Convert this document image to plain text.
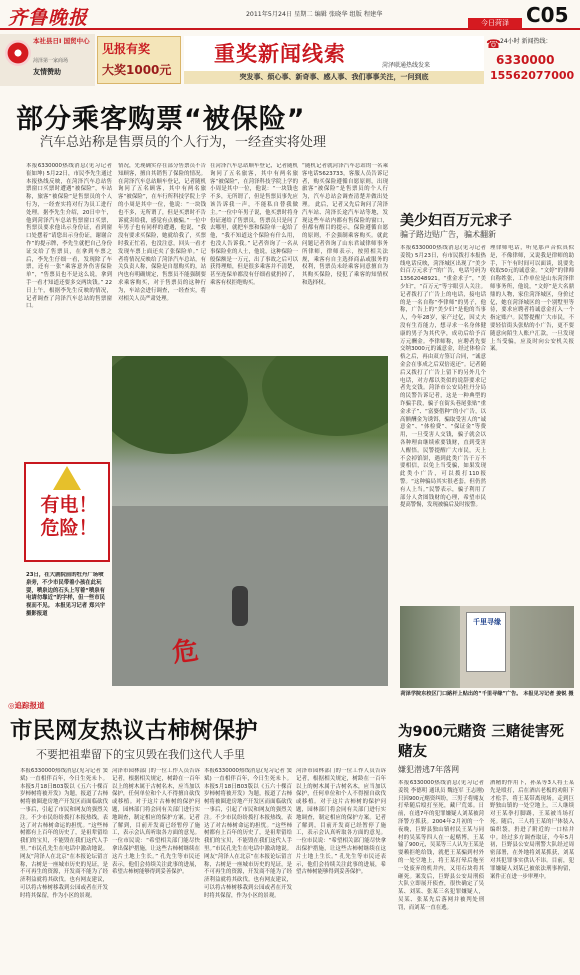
齐鲁晚报	2011年5月24日 星期二 编辑 张晓华 组版 程建华
今日菏泽 C05
本社县日Ⅰ 国贸中心
菏泽第一家商场
友情赞助
见报有奖
大奖1000元
重奖新闻线索	菏泽联通热线发来
突发事、烦心事、新奇事、感人事、我们事事关注，一问到底
☎ 24小时 新闻热线：
6330000
15562077000
部分乘客购票“被保险”
汽车总站称是售票员的个人行为，一经查实将处理
本报6330000热线消息(见习记者 崔如坤) 5月22日，市民李先生通过本报热线反映，在菏泽汽车总站售票窗口买票时遭遇“被保险”，车站称，旅客“被保险”是售票员的个人行为，一经查实将对行为员工进行处理。据李先生介绍，20日中午，他到菏泽汽车总站售票窗口买票，售票员要求他出示身份证，看到窗口处摆着“请您出示身份证，谢谢合作”的提示牌，李先生就把自己身份证交给了售票员，在拿到车票之后，李先生仔细一看，发现除了车票，还有一张“乘客意外伤害保险单”，“售票员也不是这么说，拿到手一看才知道还要多交两块钱。” 22日上午，根据李先生反映的情况，记者调查了菏泽汽车总站的售票窗口。
情况，先现确实存在部分售票员不告知顾客，擅自其销售了保险的情况。在菏泽汽车总站顺车登记，记者随机询问了五名顾客，其中有两名旅客“被保险”，在车行所科技学院上学的小周是其中一位，他说：“一块钱也不多，无所谓了，但是买票时不告诉就卖给我，感觉有点被骗。”一位中年男子也有同样的遭遇，他说，“我没有要求买保险，她就给我了，买票时我正忙着，也没注意，回头一看才发现车票上面还夹了张保险单。” 记者将情况反映给了菏泽汽车总站，有关负责人称，保险是自愿购买的，站内也有明确规定，售票员不能强制要求乘客购买，对于售票员的这种行为，车站会进行调查，一经查实，将对相关人员严肃处理。
在菏泽汽车总站顺车登记，记者随机询问了五名旅客，其中有两名旅客“被保险”，在菏泽科技学院上学的小周是其中一位，他说：“一块钱也不多，无所谓了，但是售票员事先应该告诉我一声，不能私自替我做主。”一位中年男子说，他买票时将身份证递给了售票员，售票员只是问了去哪里，就把车票和保险单一起给了他，“我不知道这个保险有什么用，也没人告诉我。” 记者咨询了一名从事保险业的人士，他说，这种保险一般保额是一万元，出了事故之后可以获得理赔，但是很多乘客并不清楚，甚至连保单都没有仔细看就扔掉了，乘客有权拒绝购买。
“随机记者就菏泽汽车总站的一名乘客电话5623733，客服人员告诉记者，购买保险遵循自愿原则，出现旅客“被保险”是售票员的个人行为，汽车总站会调查清楚并做出处理。 此后，记者又先后询问了菏泽汽车站、菏泽长途汽车站等地，发现这些车站内都有售保险的窗口，但都有醒目的提示，保险遵循自愿的原则，不会强制乘客购买。就此问题记者咨询了山东君诚律师事务所律师，律师表示，按照相关法规，乘客有自主选择商品或服务的权利，售票员未经乘客同意擅自为其购买保险，侵犯了乘客的知情权和选择权。
危
有电！危险！
23日，在大剧院前的牡丹广场喷泉旁，不少市民带着小孩在此玩耍，喷泉边的石头上写着“喷泉有电请勿靠近”的字样，但一些市民视而不见。 本报见习记者 郑兴宇 摄影报道
美少妇百万元求子
骗子路边贴广告，骗术翻新
本报6330000热线消息(见习记者 姜锐) 5月23日，有市民拨打本报热线电话反映，菏泽城区出现了“美少妇百万元求子”的广告，电话号码为13562048921。“重金求子”，“美少妇”，“百万元”等字眼引人关注。记者拨打了广告上的电话，接电话的是一名自称“李律师”的男子，他称，广告上的“美少妇”是他的当事人，今年28岁，家产过亿，因丈夫没有生育能力，想寻求一名身体健康的男子为其代孕，成功后给予百万元酬金。李律师称，应聘者先要交纳3000元的诚意金，经过体检合格之后，再由双方签订合同，“诚意金会在事成之后双倍返还”。记者随后又拨打了广告上留下的另外几个电话，对方都以类似的说辞要求记者先交钱。菏泽市公安局牡丹分局的民警告诉记者，这是一种典型的诈骗手段，骗子在街头巷尾张贴“重金求子”、“富婆借种”的小广告，以高额酬金为诱饵，骗取受害人的“诚意金”、“体检费”、“保证金”等费用，一旦受害人交钱，骗子就会以各种理由继续索要钱财，直到受害人醒悟。民警提醒广大市民，天上不会掉馅饼，遇到此类广告千万不要相信，以免上当受骗，如果发现此类小广告，可以拨打110报警。“这种骗局其实很老套，但仍然有人上当。”民警表示，骗子利用了部分人贪图钱财的心理，希望市民提高警惕，发现被骗后及时报警。
理律师电话，听见那声音似真似是，不像律师，又说我是律师的助手，下午有时间可以面谈，说要先收取50元的诚意金。“文婷”的律师自称姓张，工作单位是山东菏泽律师事务所，他说，“文婷”是大名鼎鼎的人物，家住菏泽城区，身价过亿，她在菏泽城区的一个别墅里等待，要求应聘者将诚意金打入一个指定账户。民警提醒广大市民，不要轻信街头张贴的小广告，更不要随意向陌生人账户汇款，一旦发现上当受骗，应及时向公安机关报案。
千里寻缘
菏泽学院东校区门口路杆上贴出的“千里寻缘”广告。 本报见习记者 姜锐 摄
为900元赌资 三赌徒害死赌友
嫌犯潜逃7年落网
本报6330000热线消息(见习记者 姜锐 李德明 通讯员 魏连军 王志刚) 只因900元赌资纠纷，三男子将赌友打晕随后殴打至死，藏尸荒郊。日前，在逃7年的犯罪嫌疑人刘某被菏泽警方抓获。2004年2月初的一个夜晚，巨野县独山镇村民王某与同村的吴某等四人在一起赌博，王某输了900元，吴某等三人认为王某是耍赖拒绝给钱，就把王某骗到村外的一处空地上，将王某打晕后拖至一处废弃的机井内，又用石块将其砸死。案发后，巨野县公安局刑侦大队立即展开侦查，很快确定了吴某、刘某、张某三名犯罪嫌疑人，吴某、张某先后落网并被判处刑罚，而刘某一直在逃。
酒精的作用下，孙某等3人将王某先是殴打，后在酒店老板的劝阻下才松手，将王某带离现场。走到巨野独山镇的一处空地上，三人继续对王某拳打脚踢，王某被当场打死。随后，三人将王某的尸体装入编织袋，扔进了附近的一口枯井中。经过多方调查取证，今年5月初，巨野县公安局刑警大队经过周密部署，在外地将刘某抓获，刘某对其犯罪事实供认不讳。目前，犯罪嫌疑人刘某已被依法刑事拘留，案件正在进一步审理中。
◎追踪报道
市民网友热议古柿树保护
不要把祖辈留下的宝贝毁在我们这代人手里
本报6330000热线消息(见习记者 窦斌) 一直相伴百年，今日生死未卜。本报5月18日B03版以《五六十棵百岁柿树将被开发》为题，报道了古柿树将被圈进房地产开发区而面临砍伐一事后，引起了市民和网友的强烈关注。不少市民纷纷拨打本报热线，表达了对古柿树命运的担忧。“这些柿树都有上百年的历史了，是祖辈留给我们的宝贝，不能毁在我们这代人手里。”市民孔先生在电话中激动地说。网友“菏泽人在北京”在本报论坛留言称，古树是一座城市历史的见证，是不可再生的资源，开发商不能为了经济利益就将其砍伐。也有网友建议，可以将古柿树移栽到公园或者在开发时将其保留，作为小区的景观。
菏泽市园林部门的一位工作人员告诉记者，根据相关规定，树龄在一百年以上的树木属于古树名木，应当加以保护，任何单位和个人不得擅自砍伐或移植。对于这片古柿树的保护问题，园林部门将会同有关部门进行实地调查，制定相应的保护方案。记者了解到，目前开发商已经暂停了施工，表示会认真听取各方面的意见。一位市民说：“希望相关部门能尽快拿出保护措施，让这些古柿树继续在这片土地上生长。” 孔先生等市民还表示，他们会持续关注此事的进展，希望古柿树能够得到妥善保护。
本报6330000热线消息(见习记者 窦斌) 一直相伴百年，今日生死未卜。本报5月18日B03版以《五六十棵百岁柿树将被开发》为题，报道了古柿树将被圈进房地产开发区而面临砍伐一事后，引起了市民和网友的强烈关注。不少市民纷纷拨打本报热线，表达了对古柿树命运的担忧。“这些柿树都有上百年的历史了，是祖辈留给我们的宝贝，不能毁在我们这代人手里。”市民孔先生在电话中激动地说。网友“菏泽人在北京”在本报论坛留言称，古树是一座城市历史的见证，是不可再生的资源，开发商不能为了经济利益就将其砍伐。也有网友建议，可以将古柿树移栽到公园或者在开发时将其保留，作为小区的景观。
菏泽市园林部门的一位工作人员告诉记者，根据相关规定，树龄在一百年以上的树木属于古树名木，应当加以保护，任何单位和个人不得擅自砍伐或移植。对于这片古柿树的保护问题，园林部门将会同有关部门进行实地调查，制定相应的保护方案。记者了解到，目前开发商已经暂停了施工，表示会认真听取各方面的意见。一位市民说：“希望相关部门能尽快拿出保护措施，让这些古柿树继续在这片土地上生长。” 孔先生等市民还表示，他们会持续关注此事的进展，希望古柿树能够得到妥善保护。
